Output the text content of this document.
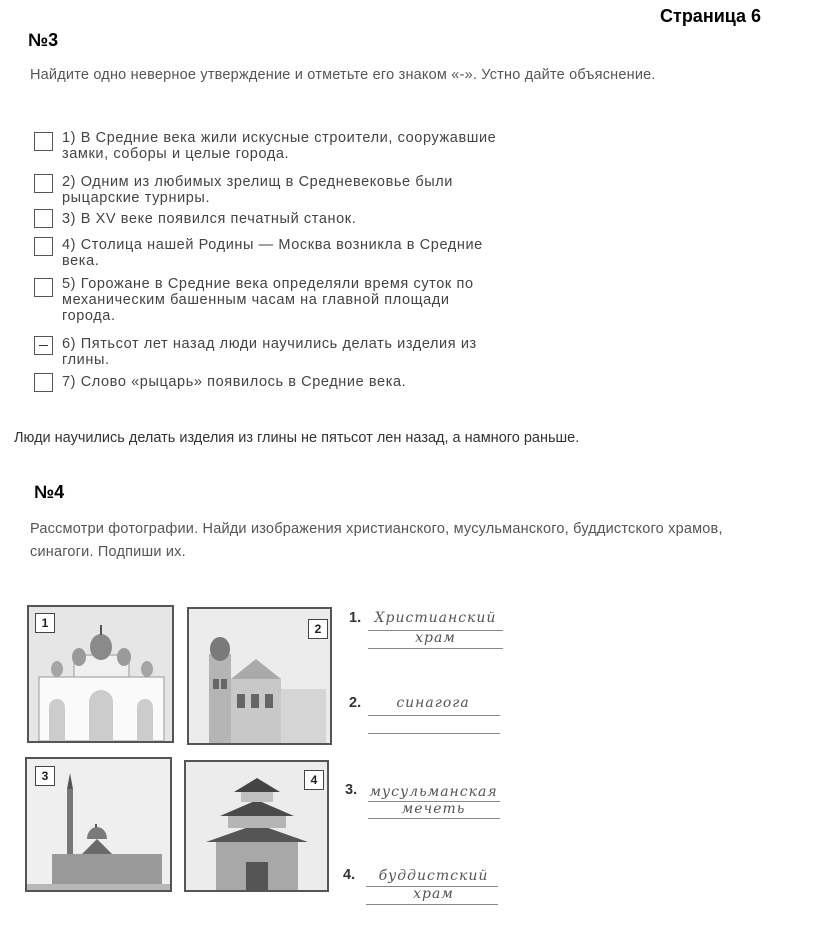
Страница 6
№3
Найдите одно неверное утверждение и отметьте его знаком «-». Устно дайте объяснение.
1) В Средние века жили искусные строители, сооружавшие замки, соборы и целые города.
2) Одним из любимых зрелищ в Средневековье были рыцарские турниры.
3) В XV веке появился печатный станок.
4) Столица нашей Родины — Москва возникла в Средние века.
5) Горожане в Средние века определяли время суток по механическим башенным часам на главной площади города.
6) Пятьсот лет назад люди научились делать изделия из глины.
7) Слово «рыцарь» появилось в Средние века.
Люди научились делать изделия из глины не пятьсот лен назад, а намного раньше.
№4
Рассмотри фотографии. Найди изображения христианского, мусульманского, буддистского храмов,
синагоги. Подпиши их.
1	2
3	4
1. Христианский
храм
2.	синагога
3. мусульманская
мечеть
4.	буддистский
храм
